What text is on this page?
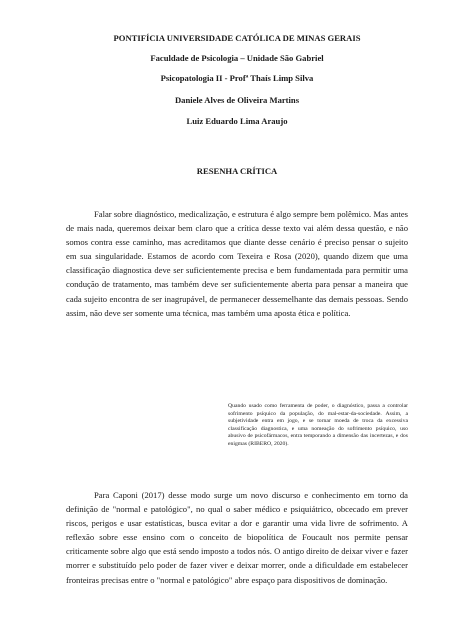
PONTIFÍCIA UNIVERSIDADE CATÓLICA DE MINAS GERAIS
Faculdade de Psicologia – Unidade São Gabriel
Psicopatologia II - Profª Thaís Limp Silva
Daniele Alves de Oliveira Martins
Luiz Eduardo Lima Araujo
RESENHA CRÍTICA

Falar sobre diagnóstico, medicalização, e estrutura é algo sempre bem polêmico. Mas antes de mais nada, queremos deixar bem claro que a crítica desse texto vai além dessa questão, e não somos contra esse caminho, mas acreditamos que diante desse cenário é preciso pensar o sujeito em sua singularidade. Estamos de acordo com Texeira e Rosa (2020), quando dizem que uma classificação diagnostica deve ser suficientemente precisa e bem fundamentada para permitir uma condução de tratamento, mas também deve ser suficientemente aberta para pensar a maneira que cada sujeito encontra de ser inagrupável, de permanecer dessemelhante das demais pessoas. Sendo assim, não deve ser somente uma técnica, mas também uma aposta ética e política.

Quando usado como ferramenta de poder, o diagnóstico, passa a controlar sofrimento psíquico da população, do mal-estar-da-sociedade. Assim, a subjetividade entra em jogo, e se tornar moeda de troca da excessiva classificação diagnostica, e uma nomeação do sofrimento psíquico, uso abusivo de psicofármacos, entra temporando a dimensão das incertezas, e dos enigmas (RIBERO, 2020).

Para Caponi (2017) desse modo surge um novo discurso e conhecimento em torno da definição de "normal e patológico", no qual o saber médico e psiquiátrico, obcecado em prever riscos, perigos e usar estatísticas, busca evitar a dor e garantir uma vida livre de sofrimento. A reflexão sobre esse ensino com o conceito de biopolítica de Foucault nos permite pensar criticamente sobre algo que está sendo imposto a todos nós. O antigo direito de deixar viver e fazer morrer e substituído pelo poder de fazer viver e deixar morrer, onde a dificuldade em estabelecer fronteiras precisas entre o "normal e patológico" abre espaço para dispositivos de dominação.
